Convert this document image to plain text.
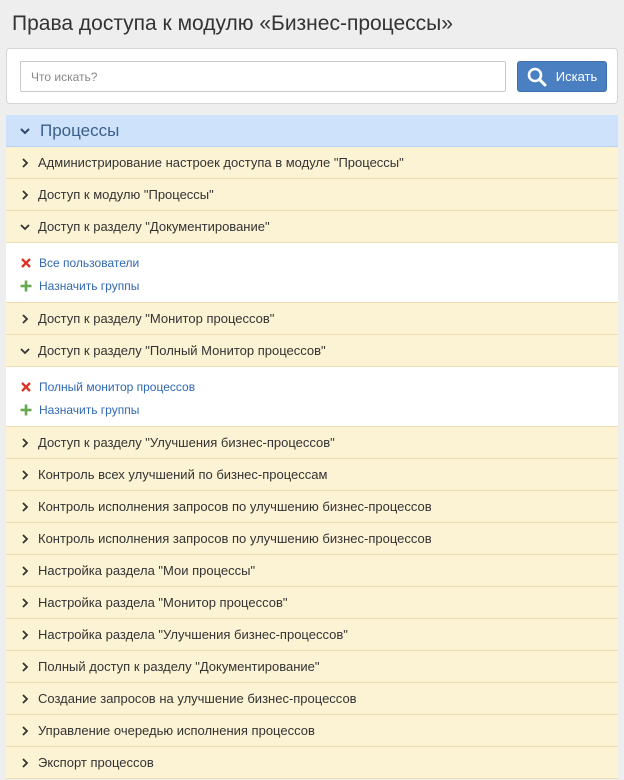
Права доступа к модулю «Бизнес-процессы»
Что искать?
Искать
Процессы
Администрирование настроек доступа в модуле "Процессы"
Доступ к модулю "Процессы"
Доступ к разделу "Документирование"
Все пользователи
Назначить группы
Доступ к разделу "Монитор процессов"
Доступ к разделу "Полный Монитор процессов"
Полный монитор процессов
Назначить группы
Доступ к разделу "Улучшения бизнес-процессов"
Контроль всех улучшений по бизнес-процессам
Контроль исполнения запросов по улучшению бизнес-процессов
Контроль исполнения запросов по улучшению бизнес-процессов
Настройка раздела "Мои процессы"
Настройка раздела "Монитор процессов"
Настройка раздела "Улучшения бизнес-процессов"
Полный доступ к разделу "Документирование"
Создание запросов на улучшение бизнес-процессов
Управление очередью исполнения процессов
Экспорт процессов
